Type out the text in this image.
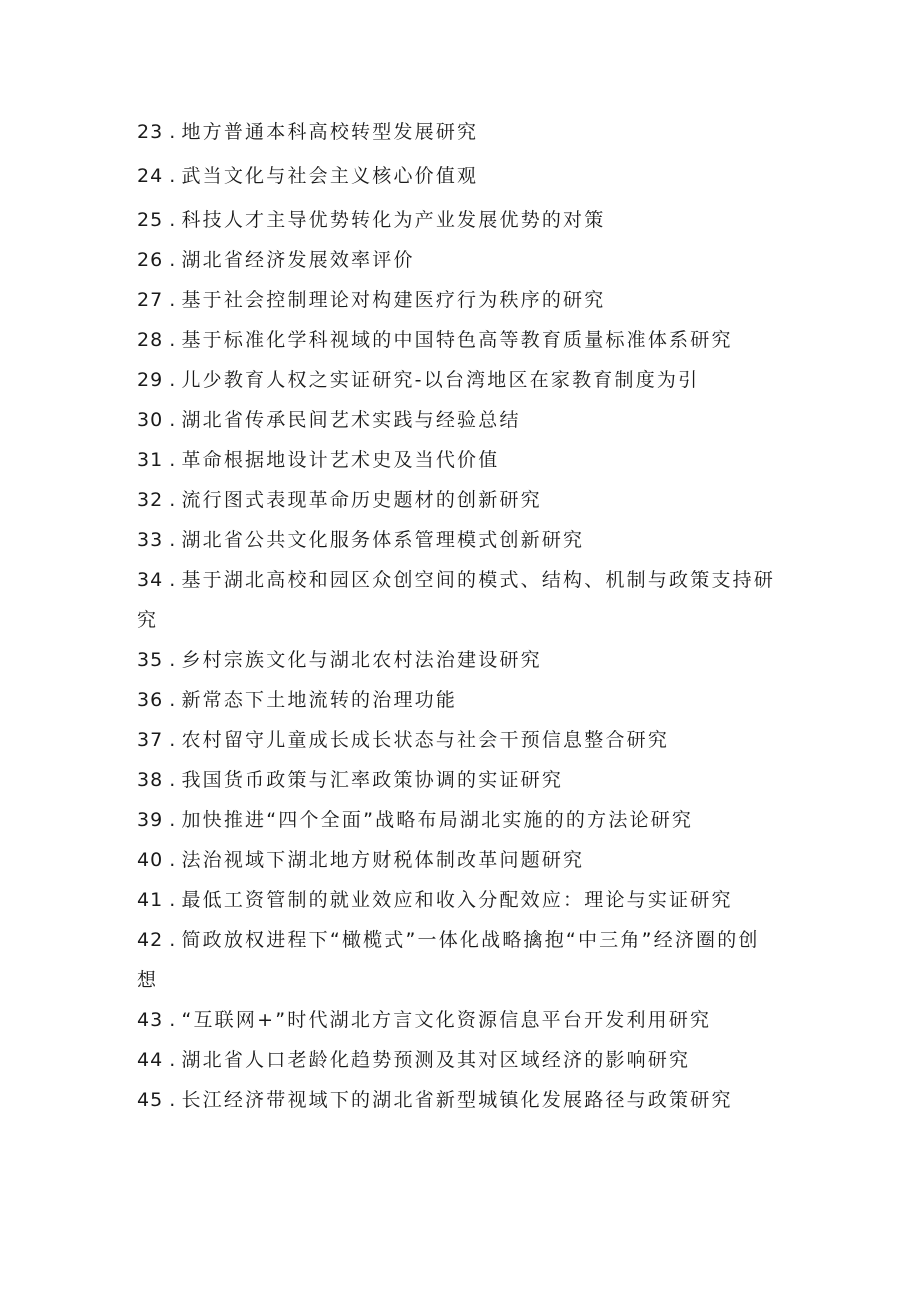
23 . 地方普通本科高校转型发展研究
24 . 武当文化与社会主义核心价值观
25 . 科技人才主导优势转化为产业发展优势的对策
26 . 湖北省经济发展效率评价
27 . 基于社会控制理论对构建医疗行为秩序的研究
28 . 基于标准化学科视域的中国特色高等教育质量标准体系研究
29 . 儿少教育人权之实证研究-以台湾地区在家教育制度为引
30 . 湖北省传承民间艺术实践与经验总结
31 . 革命根据地设计艺术史及当代价值
32 . 流行图式表现革命历史题材的创新研究
33 . 湖北省公共文化服务体系管理模式创新研究
34 . 基于湖北高校和园区众创空间的模式、结构、机制与政策支持研究
35 . 乡村宗族文化与湖北农村法治建设研究
36 . 新常态下土地流转的治理功能
37 . 农村留守儿童成长成长状态与社会干预信息整合研究
38 . 我国货币政策与汇率政策协调的实证研究
39 . 加快推进“四个全面”战略布局湖北实施的的方法论研究
40 . 法治视域下湖北地方财税体制改革问题研究
41 . 最低工资管制的就业效应和收入分配效应：理论与实证研究
42 . 简政放权进程下“橄榄式”一体化战略擒抱“中三角”经济圈的创想
43 . “互联网+”时代湖北方言文化资源信息平台开发利用研究
44 . 湖北省人口老龄化趋势预测及其对区域经济的影响研究
45 . 长江经济带视域下的湖北省新型城镇化发展路径与政策研究
